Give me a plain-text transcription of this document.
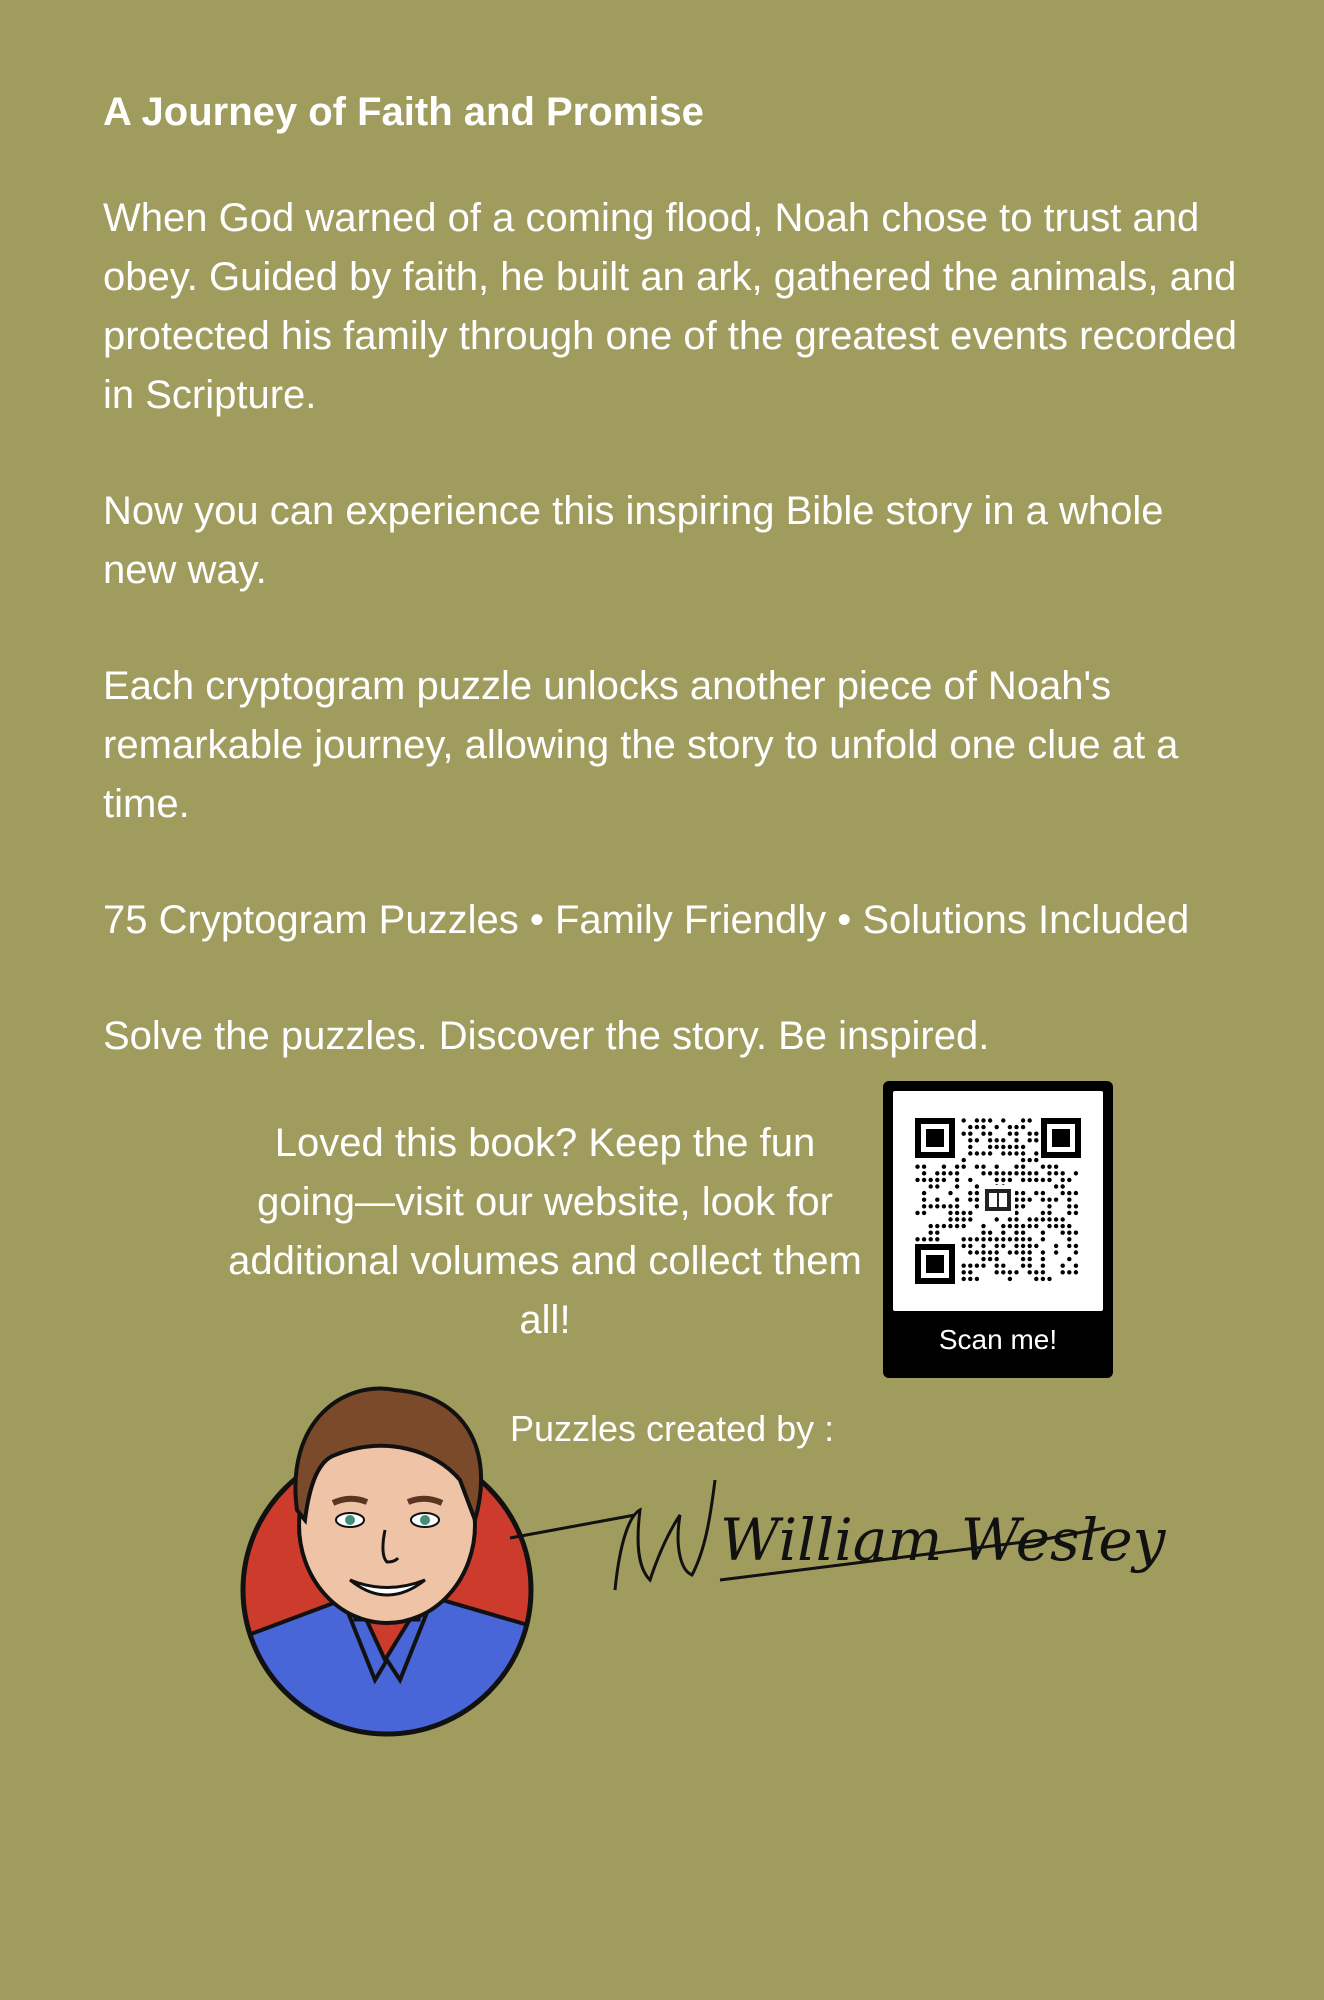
A Journey of Faith and Promise

When God warned of a coming flood, Noah chose to trust and obey. Guided by faith, he built an ark, gathered the animals, and protected his family through one of the greatest events recorded in Scripture.

Now you can experience this inspiring Bible story in a whole new way.

Each cryptogram puzzle unlocks another piece of Noah's remarkable journey, allowing the story to unfold one clue at a time.

75 Cryptogram Puzzles • Family Friendly • Solutions Included

Solve the puzzles. Discover the story. Be inspired.

Loved this book? Keep the fun going—visit our website, look for additional volumes and collect them all!	Scan me!
Puzzles created by :
William Wesley
